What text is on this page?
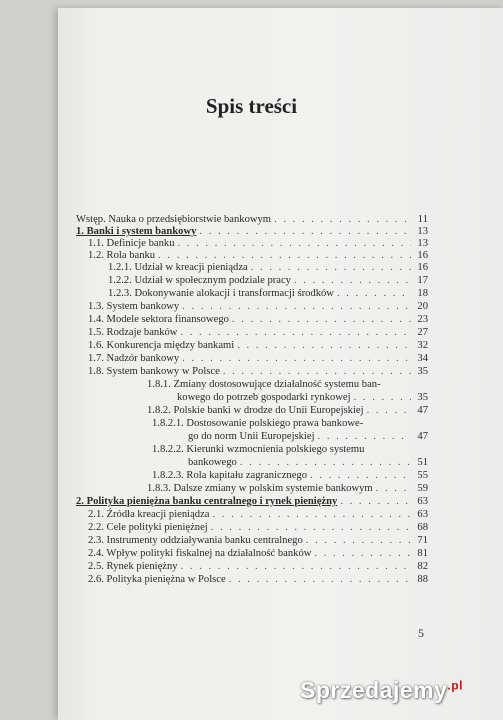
Spis treści
Wstęp. Nauka o przedsiębiorstwie bankowym . . .	11
1. Banki i system bankowy . . .	13
1.1. Definicje banku . . .	13
1.2. Rola banku . . .	16
1.2.1. Udział w kreacji pieniądza . . .	16
1.2.2. Udział w społecznym podziale pracy . . .	17
1.2.3. Dokonywanie alokacji i transformacji środków . . .	18
1.3. System bankowy . . .	20
1.4. Modele sektora finansowego . . .	23
1.5. Rodzaje banków . . .	27
1.6. Konkurencja między bankami . . .	32
1.7. Nadzór bankowy . . .	34
1.8. System bankowy w Polsce . . .	35
1.8.1. Zmiany dostosowujące działalność systemu ban-
kowego do potrzeb gospodarki rynkowej . . .	35
1.8.2. Polskie banki w drodze do Unii Europejskiej . . .	47
1.8.2.1. Dostosowanie polskiego prawa bankowe-
go do norm Unii Europejskiej . . .	47
1.8.2.2. Kierunki wzmocnienia polskiego systemu
bankowego . . .	51
1.8.2.3. Rola kapitału zagranicznego . . .	55
1.8.3. Dalsze zmiany w polskim systemie bankowym . . .	59
2. Polityka pieniężna banku centralnego i rynek pieniężny . . .	63
2.1. Źródła kreacji pieniądza . . .	63
2.2. Cele polityki pieniężnej . . .	68
2.3. Instrumenty oddziaływania banku centralnego . . .	71
2.4. Wpływ polityki fiskalnej na działalność banków . . .	81
2.5. Rynek pieniężny . . .	82
2.6. Polityka pieniężna w Polsce . . .	88
5
Sprzedajemy$^{.pl}$
